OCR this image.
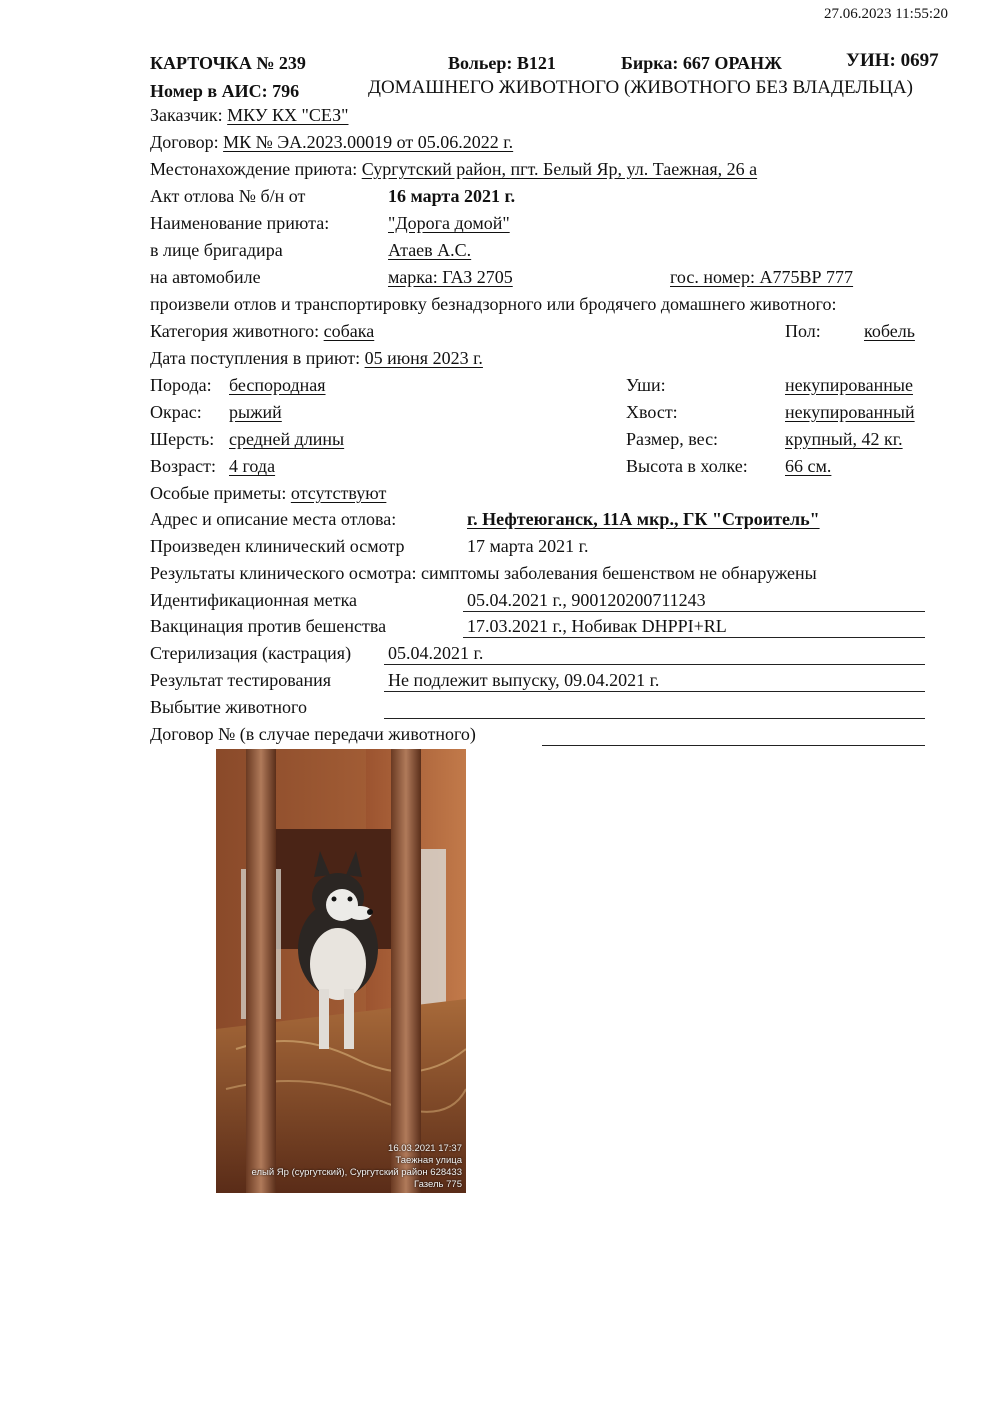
27.06.2023 11:55:20
КАРТОЧКА № 239	Вольер: В121	Бирка: 667 ОРАНЖ	УИН: 0697
Номер в АИС: 796	ДОМАШНЕГО ЖИВОТНОГО (ЖИВОТНОГО БЕЗ ВЛАДЕЛЬЦА)
Заказчик: МКУ КХ "СЕЗ"
Договор: МК № ЭА.2023.00019 от 05.06.2022 г.
Местонахождение приюта: Сургутский район, пгт. Белый Яр, ул. Таежная, 26 а
Акт отлова № б/н от	16 марта 2021 г.
Наименование приюта:	"Дорога домой"
в лице бригадира	Атаев А.С.
на автомобиле	марка: ГАЗ 2705	гос. номер: А775ВР 777
произвели отлов и транспортировку безнадзорного или бродячего домашнего животного:
Категория животного: собака	Пол: кобель
Дата поступления в приют: 05 июня 2023 г.
Порода: беспородная	Уши:	некупированные
Окрас: рыжий	Хвост:	некупированный
Шерсть: средней длины	Размер, вес:	крупный, 42 кг.
Возраст: 4 года	Высота в холке: 66 см.
Особые приметы: отсутствуют
Адрес и описание места отлова:	г. Нефтеюганск, 11А мкр., ГК "Строитель"
Произведен клинический осмотр	17 марта 2021 г.
Результаты клинического осмотра: симптомы заболевания бешенством не обнаружены
Идентификационная метка	05.04.2021 г., 900120200711243
Вакцинация против бешенства	17.03.2021 г., Нобивак DHPPI+RL
Стерилизация (кастрация) 05.04.2021 г.
Результат тестирования	Не подлежит выпуску, 09.04.2021 г.
Выбытие животного
Договор № (в случае передачи животного)
16.03.2021 17:37
Таежная улица
елый Яр (сургутский), Сургутский район 628433
Газель 775
